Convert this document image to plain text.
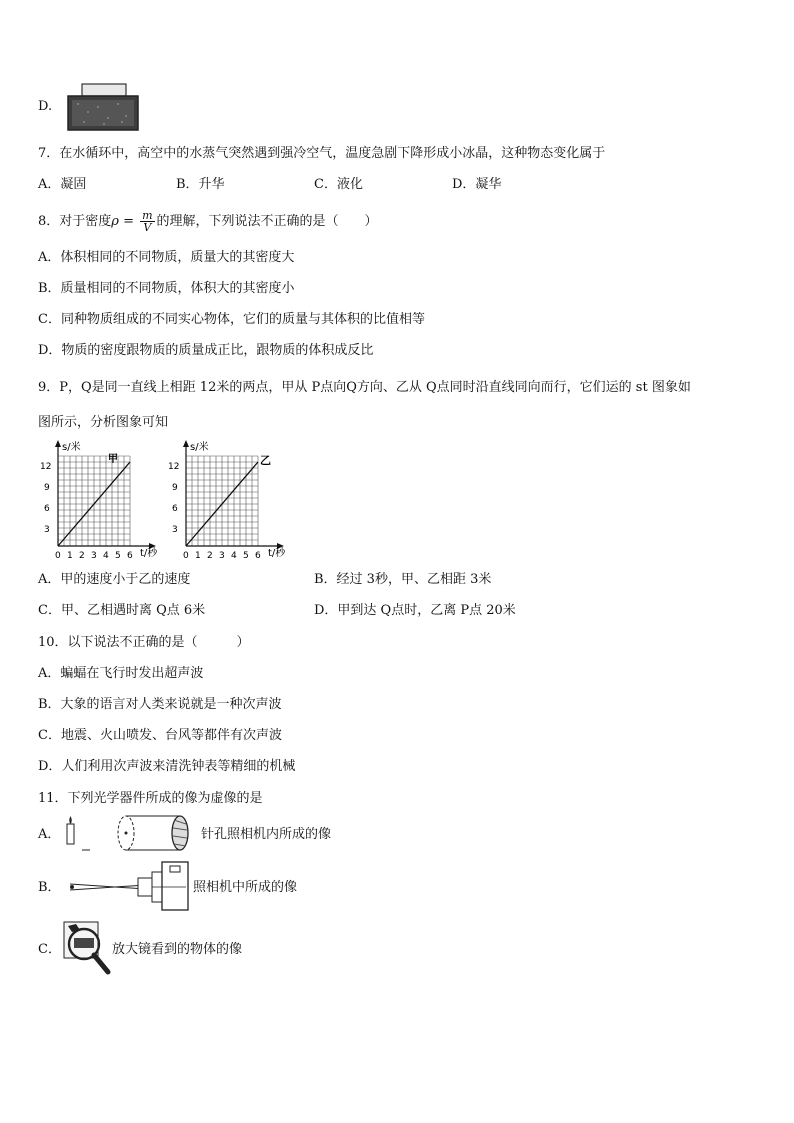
D.
7．在水循环中，高空中的水蒸气突然遇到强冷空气，温度急剧下降形成小冰晶，这种物态变化属于
A．凝固	B．升华	C．液化	D．凝华
8．对于密度$\rho = \frac{m}{V}$ 的理解，下列说法不正确的是（　　）
A．体积相同的不同物质，质量大的其密度大
B．质量相同的不同物质，体积大的其密度小
C．同种物质组成的不同实心物体，它们的质量与其体积的比值相等
D．物质的密度跟物质的质量成正比，跟物质的体积成反比
9．P，Q是同一直线上相距 12米的两点，甲从 P点向Q方向、乙从 Q点同时沿直线同向而行，它们运的 st 图象如
图所示，分析图象可知
s/米
甲
t/秒
3
6
9
12
0 1 2 3 4 5 6
s/米
乙
t/秒
3
6
9
12
0 1 2 3 4 5 6
A．甲的速度小于乙的速度	B．经过 3秒，甲、乙相距 3米
C．甲、乙相遇时离 Q点 6米	D．甲到达 Q点时，乙离 P点 20米
10．以下说法不正确的是（　　　）
A．蝙蝠在飞行时发出超声波
B．大象的语言对人类来说就是一种次声波
C．地震、火山喷发、台风等都伴有次声波
D．人们利用次声波来清洗钟表等精细的机械
11．下列光学器件所成的像为虚像的是
A．	针孔照相机内所成的像
B．	照相机中所成的像
C．	放大镜看到的物体的像
